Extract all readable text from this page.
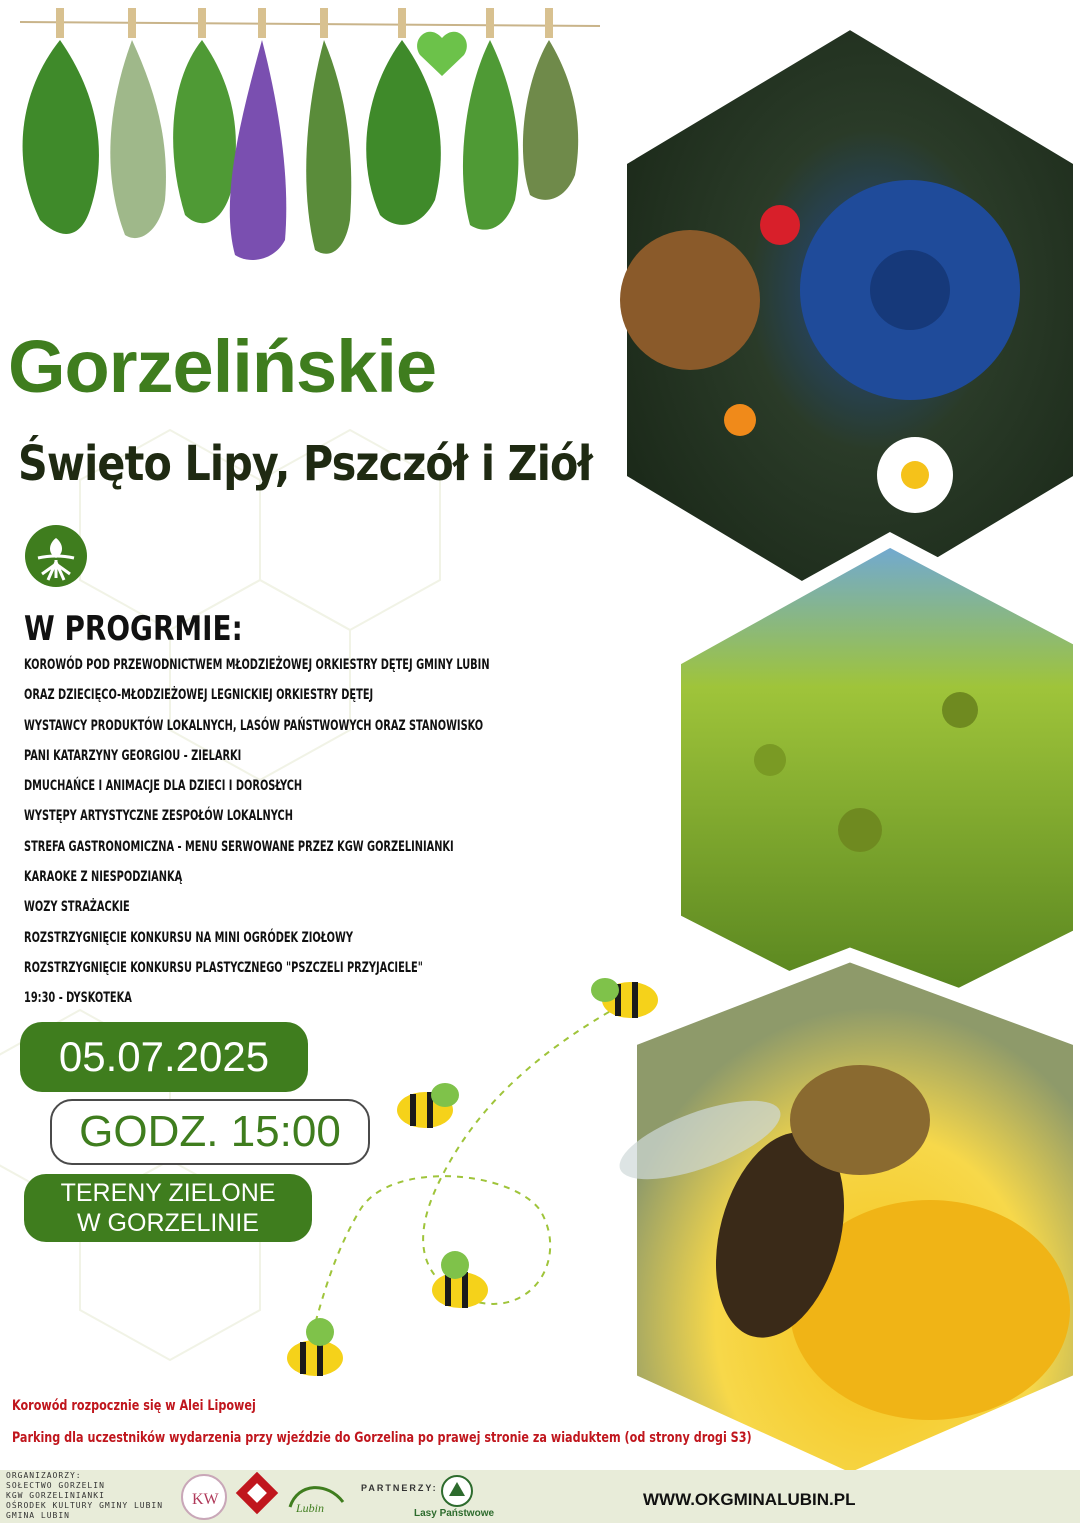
Gorzelińskie
Święto Lipy, Pszczół i Ziół
W PROGRMIE:
KOROWÓD POD PRZEWODNICTWEM MŁODZIEŻOWEJ ORKIESTRY DĘTEJ GMINY LUBIN
ORAZ DZIECIĘCO-MŁODZIEŻOWEJ LEGNICKIEJ ORKIESTRY DĘTEJ
WYSTAWCY PRODUKTÓW LOKALNYCH, LASÓW PAŃSTWOWYCH ORAZ STANOWISKO
PANI KATARZYNY GEORGIOU - ZIELARKI
DMUCHAŃCE I ANIMACJE DLA DZIECI I DOROSŁYCH
WYSTĘPY ARTYSTYCZNE ZESPOŁÓW LOKALNYCH
STREFA GASTRONOMICZNA - MENU SERWOWANE PRZEZ KGW GORZELINIANKI
KARAOKE Z NIESPODZIANKĄ
WOZY STRAŻACKIE
ROZSTRZYGNIĘCIE KONKURSU NA MINI OGRÓDEK ZIOŁOWY
ROZSTRZYGNIĘCIE KONKURSU PLASTYCZNEGO "PSZCZELI PRZYJACIELE"
19:30 - DYSKOTEKA
05.07.2025
GODZ. 15:00
TERENY ZIELONE
W GORZELINIE
Korowód rozpocznie się w Alei Lipowej
Parking dla uczestników wydarzenia przy wjeździe do Gorzelina po prawej stronie za wiaduktem (od strony drogi S3)
ORGANIZAORZY:
SOŁECTWO GORZELIN
KGW GORZELINIANKI
OŚRODEK KULTURY GMINY LUBIN
GMINA LUBIN
KW	Lubin
PARTNERZY:
Lasy Państwowe
WWW.OKGMINALUBIN.PL
